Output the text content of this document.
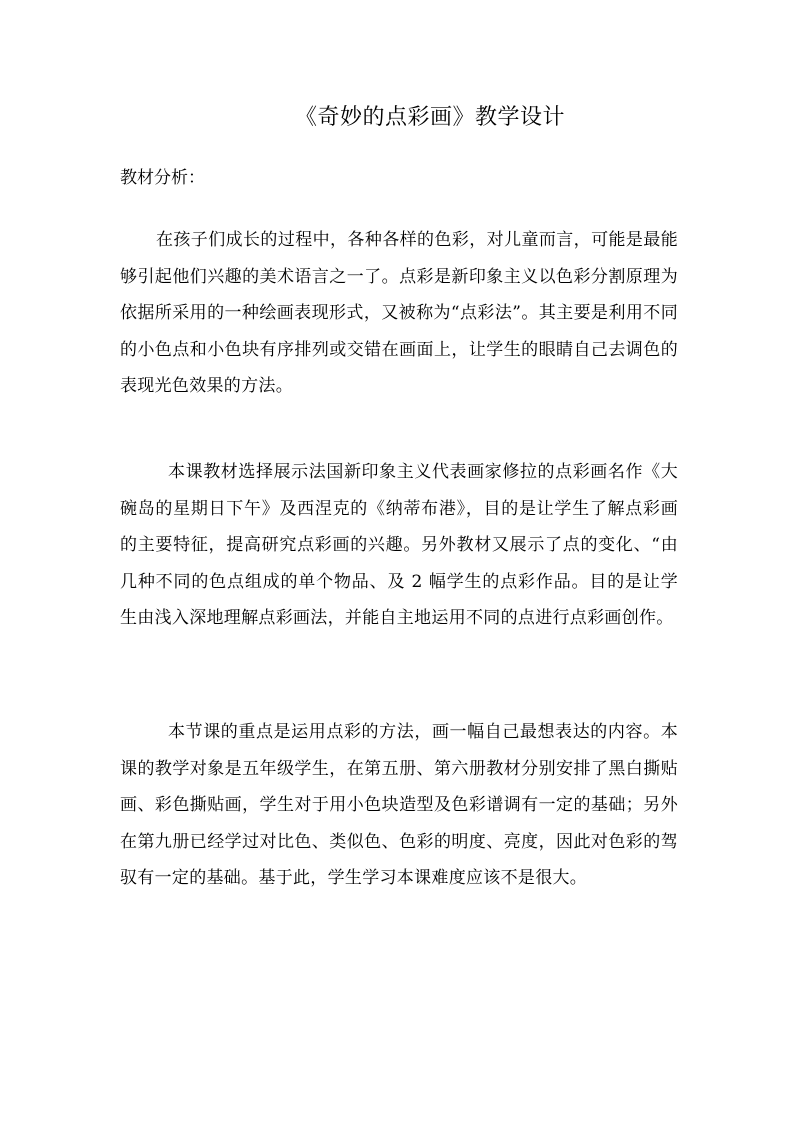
《奇妙的点彩画》教学设计
教材分析：

在孩子们成长的过程中，各种各样的色彩，对儿童而言，可能是最能够引起他们兴趣的美术语言之一了。点彩是新印象主义以色彩分割原理为依据所采用的一种绘画表现形式，又被称为“点彩法”。其主要是利用不同的小色点和小色块有序排列或交错在画面上，让学生的眼睛自己去调色的表现光色效果的方法。

本课教材选择展示法国新印象主义代表画家修拉的点彩画名作《大碗岛的星期日下午》及西涅克的《纳蒂布港》，目的是让学生了解点彩画的主要特征，提高研究点彩画的兴趣。另外教材又展示了点的变化、“由几种不同的色点组成的单个物品、及 2 幅学生的点彩作品。目的是让学生由浅入深地理解点彩画法，并能自主地运用不同的点进行点彩画创作。

本节课的重点是运用点彩的方法，画一幅自己最想表达的内容。本课的教学对象是五年级学生，在第五册、第六册教材分别安排了黑白撕贴画、彩色撕贴画，学生对于用小色块造型及色彩谱调有一定的基础；另外在第九册已经学过对比色、类似色、色彩的明度、亮度，因此对色彩的驾驭有一定的基础。基于此，学生学习本课难度应该不是很大。
